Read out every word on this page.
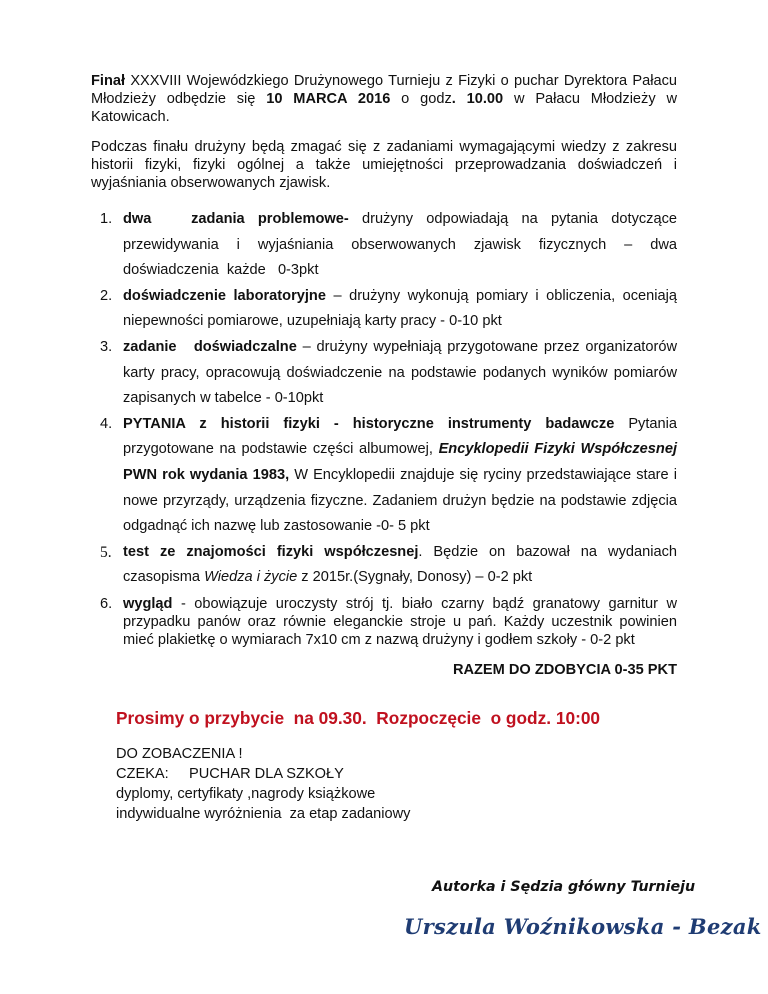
Finał XXXVIII Wojewódzkiego Drużynowego Turnieju z Fizyki o puchar Dyrektora Pałacu Młodzieży odbędzie się 10 MARCA 2016 o godz. 10.00 w Pałacu Młodzieży w Katowicach.

Podczas finału drużyny będą zmagać się z zadaniami wymagającymi wiedzy z zakresu historii fizyki, fizyki ogólnej a także umiejętności przeprowadzania doświadczeń i wyjaśniania obserwowanych zjawisk.

1. dwa   zadania problemowe- drużyny odpowiadają na pytania dotyczące przewidywania i wyjaśniania obserwowanych zjawisk fizycznych – dwa doświadczenia  każde   0-3pkt
2. doświadczenie laboratoryjne – drużyny wykonują pomiary i obliczenia, oceniają niepewności pomiarowe, uzupełniają karty pracy - 0-10 pkt
3. zadanie   doświadczalne – drużyny wypełniają przygotowane przez organizatorów karty pracy, opracowują doświadczenie na podstawie podanych wyników pomiarów zapisanych w tabelce - 0-10pkt
4. PYTANIA z historii fizyki - historyczne instrumenty badawcze Pytania przygotowane na podstawie części albumowej, Encyklopedii Fizyki Współczesnej PWN rok wydania 1983, W Encyklopedii znajduje się ryciny przedstawiające stare i nowe przyrządy, urządzenia fizyczne. Zadaniem drużyn będzie na podstawie zdjęcia odgadnąć ich nazwę lub zastosowanie -0- 5 pkt
5. test ze znajomości fizyki współczesnej. Będzie on bazował na wydaniach czasopisma Wiedza i życie z 2015r.(Sygnały, Donosy) – 0-2 pkt
6. wygląd - obowiązuje uroczysty strój tj. biało czarny bądź granatowy garnitur w przypadku panów oraz równie eleganckie stroje u pań. Każdy uczestnik powinien mieć plakietkę o wymiarach 7x10 cm z nazwą drużyny i godłem szkoły - 0-2 pkt
RAZEM DO ZDOBYCIA 0-35 PKT
Prosimy o przybycie  na 09.30.  Rozpoczęcie  o godz. 10:00
DO ZOBACZENIA !
CZEKA:     PUCHAR DLA SZKOŁY
dyplomy, certyfikaty ,nagrody książkowe
indywidualne wyróżnienia  za etap zadaniowy
Autorka i Sędzia główny Turnieju
Urszula Woźnikowska - Bezak
